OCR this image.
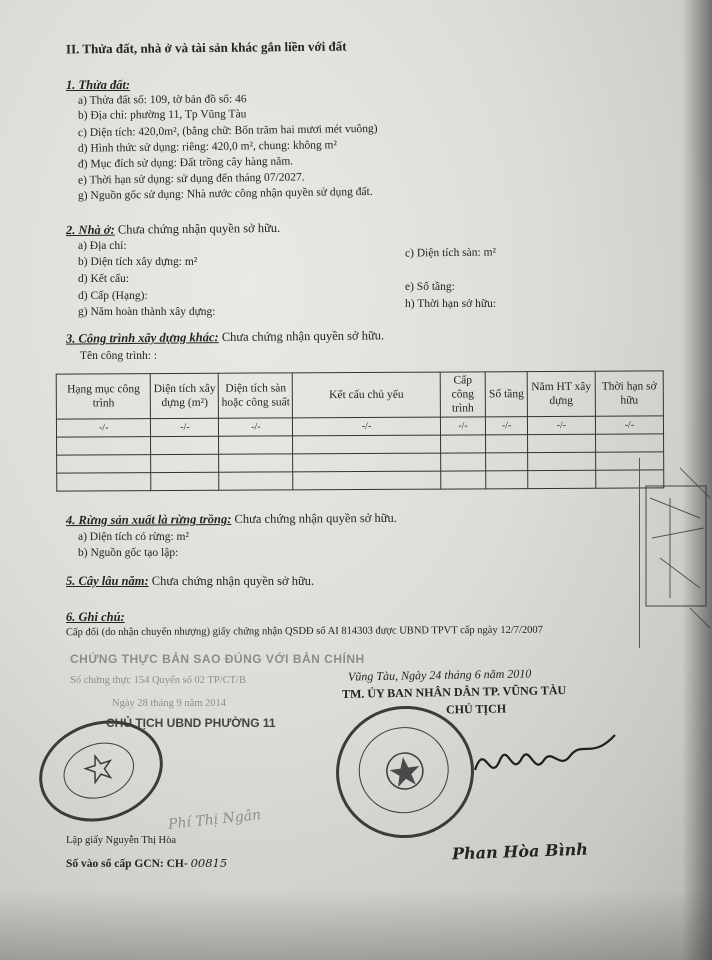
II. Thửa đất, nhà ở và tài sản khác gắn liền với đất
1. Thửa đất:
a) Thửa đất số: 109, tờ bản đồ số: 46
b) Địa chỉ: phường 11, Tp Vũng Tàu
c) Diện tích: 420,0m², (bằng chữ: Bốn trăm hai mươi mét vuông)
d) Hình thức sử dụng: riêng: 420,0 m², chung: không m²
đ) Mục đích sử dụng: Đất trồng cây hàng năm.
e) Thời hạn sử dụng: sử dụng đến tháng 07/2027.
g) Nguồn gốc sử dụng: Nhà nước công nhận quyền sử dụng đất.
2. Nhà ở: Chưa chứng nhận quyền sở hữu.
a) Địa chỉ:
b) Diện tích xây dựng: m²
d) Kết cấu:
d) Cấp (Hạng):
g) Năm hoàn thành xây dựng:
c) Diện tích sàn: m²
e) Số tầng:
h) Thời hạn sở hữu:
3. Công trình xây dựng khác: Chưa chứng nhận quyền sở hữu.
Tên công trình: :
Hạng mục công trình	Diện tích xây dựng (m²)	Diện tích sàn hoặc công suất	Kết cấu chủ yếu	Cấp công trình	Số tầng	Năm HT xây dựng	Thời hạn sở hữu
-/-	-/-	-/-	-/-	-/-	-/-	-/-	-/-

4. Rừng sản xuất là rừng trồng: Chưa chứng nhận quyền sở hữu.
a) Diện tích có rừng: m²
b) Nguồn gốc tạo lập:
5. Cây lâu năm: Chưa chứng nhận quyền sở hữu.
6. Ghi chú:
Cấp đổi (do nhận chuyển nhượng) giấy chứng nhận QSDĐ số AI 814303 được UBND TPVT cấp ngày 12/7/2007
CHỨNG THỰC BẢN SAO ĐÚNG VỚI BẢN CHÍNH
Số chứng thực 154 Quyển số 02 TP/CT/B
Ngày 28 tháng 9 năm 2014
CHỦ TỊCH UBND PHƯỜNG 11
Phí Thị Ngân
Vũng Tàu, Ngày 24 tháng 6 năm 2010
TM. ỦY BAN NHÂN DÂN TP. VŨNG TÀU
CHỦ TỊCH
Phan Hòa Bình
Lập giấy Nguyễn Thị Hòa
Số vào sổ cấp GCN: CH- 00815
